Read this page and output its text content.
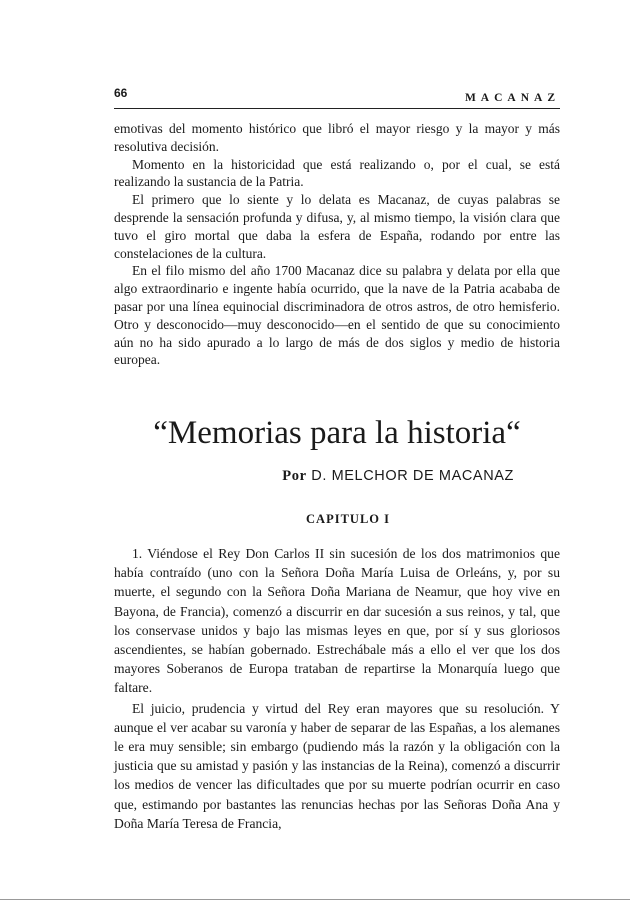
66	MACANAZ

emotivas del momento histórico que libró el mayor riesgo y la mayor y más resolutiva decisión.

Momento en la historicidad que está realizando o, por el cual, se está realizando la sustancia de la Patria.

El primero que lo siente y lo delata es Macanaz, de cuyas palabras se desprende la sensación profunda y difusa, y, al mismo tiempo, la visión clara que tuvo el giro mortal que daba la esfera de España, rodando por entre las constelaciones de la cultura.

En el filo mismo del año 1700 Macanaz dice su palabra y delata por ella que algo extraordinario e ingente había ocurrido, que la nave de la Patria acababa de pasar por una línea equinocial discriminadora de otros astros, de otro hemisferio. Otro y desconocido—muy desconocido—en el sentido de que su conocimiento aún no ha sido apurado a lo largo de más de dos siglos y medio de historia europea.

“Memorias para la historia“
Por D. MELCHOR DE MACANAZ
CAPITULO I

1. Viéndose el Rey Don Carlos II sin sucesión de los dos matrimonios que había contraído (uno con la Señora Doña María Luisa de Orleáns, y, por su muerte, el segundo con la Señora Doña Mariana de Neamur, que hoy vive en Bayona, de Francia), comenzó a discurrir en dar sucesión a sus reinos, y tal, que los conservase unidos y bajo las mismas leyes en que, por sí y sus gloriosos ascendientes, se habían gobernado. Estrechábale más a ello el ver que los dos mayores Soberanos de Europa trataban de repartirse la Monarquía luego que faltare.

El juicio, prudencia y virtud del Rey eran mayores que su resolución. Y aunque el ver acabar su varonía y haber de separar de las Españas, a los alemanes le era muy sensible; sin embargo (pudiendo más la razón y la obligación con la justicia que su amistad y pasión y las instancias de la Reina), comenzó a discurrir los medios de vencer las dificultades que por su muerte podrían ocurrir en caso que, estimando por bastantes las renuncias hechas por las Señoras Doña Ana y Doña María Teresa de Francia,
